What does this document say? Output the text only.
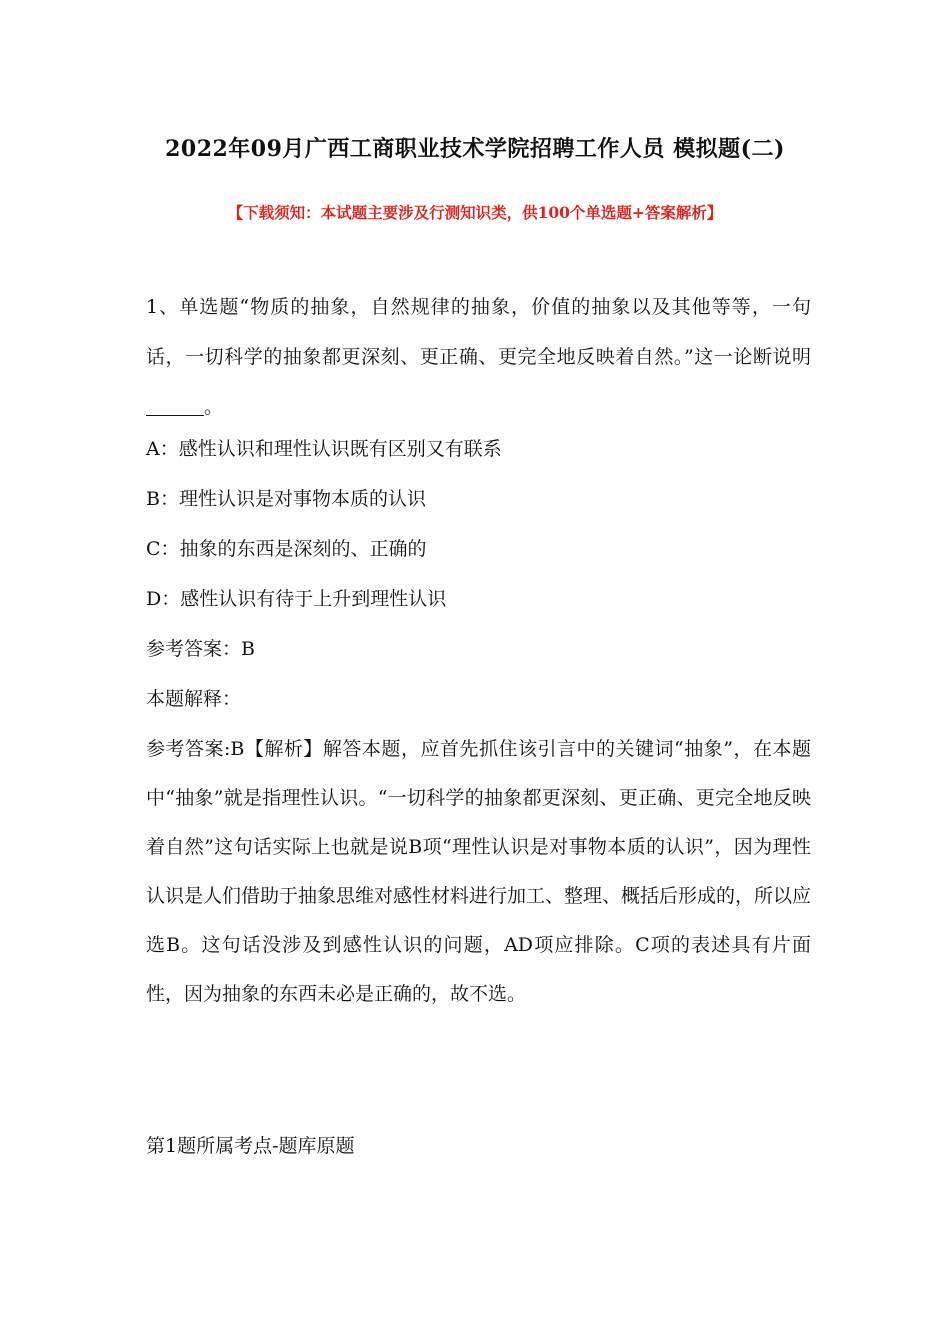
2022年09月广西工商职业技术学院招聘工作人员 模拟题(二)
【下载须知：本试题主要涉及行测知识类，供100个单选题+答案解析】
1、单选题“物质的抽象，自然规律的抽象，价值的抽象以及其他等等，一句话，一切科学的抽象都更深刻、更正确、更完全地反映着自然。”这一论断说明。
A：感性认识和理性认识既有区别又有联系
B：理性认识是对事物本质的认识
C：抽象的东西是深刻的、正确的
D：感性认识有待于上升到理性认识
参考答案：B
本题解释：
参考答案:B【解析】解答本题，应首先抓住该引言中的关键词“抽象”，在本题中“抽象”就是指理性认识。“一切科学的抽象都更深刻、更正确、更完全地反映着自然”这句话实际上也就是说B项“理性认识是对事物本质的认识”，因为理性认识是人们借助于抽象思维对感性材料进行加工、整理、概括后形成的，所以应选B。这句话没涉及到感性认识的问题，AD项应排除。C项的表述具有片面性，因为抽象的东西未必是正确的，故不选。
第1题所属考点-题库原题
